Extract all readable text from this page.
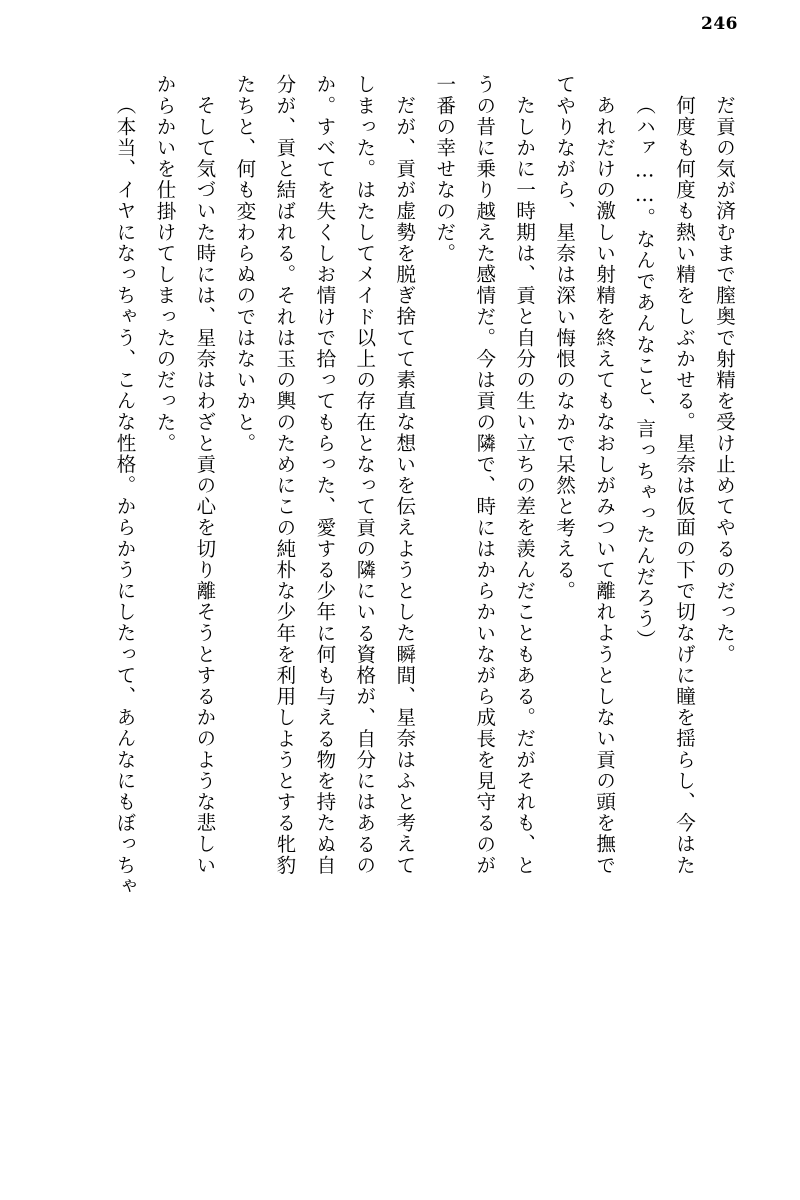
246

だ貢の気が済むまで膣奥で射精を受け止めてやるのだった。

何度も何度も熱い精をしぶかせる。星奈は仮面の下で切なげに瞳を揺らし、今はた

（ハァ……。なんであんなこと、言っちゃったんだろう）

あれだけの激しい射精を終えてもなおしがみついて離れようとしない貢の頭を撫で

てやりながら、星奈は深い悔恨のなかで呆然と考える。

たしかに一時期は、貢と自分の生い立ちの差を羨んだこともある。だがそれも、と

うの昔に乗り越えた感情だ。今は貢の隣で、時にはからかいながら成長を見守るのが

一番の幸せなのだ。

だが、貢が虚勢を脱ぎ捨てて素直な想いを伝えようとした瞬間、星奈はふと考えて

しまった。はたしてメイド以上の存在となって貢の隣にいる資格が、自分にはあるの

か。すべてを失くしお情けで拾ってもらった、愛する少年に何も与える物を持たぬ自

分が、貢と結ばれる。それは玉の輿のためにこの純朴な少年を利用しようとする牝豹

たちと、何も変わらぬのではないかと。

そして気づいた時には、星奈はわざと貢の心を切り離そうとするかのような悲しい

からかいを仕掛けてしまったのだった。

（本当、イヤになっちゃう、こんな性格。からかうにしたって、あんなにもぼっちゃ
